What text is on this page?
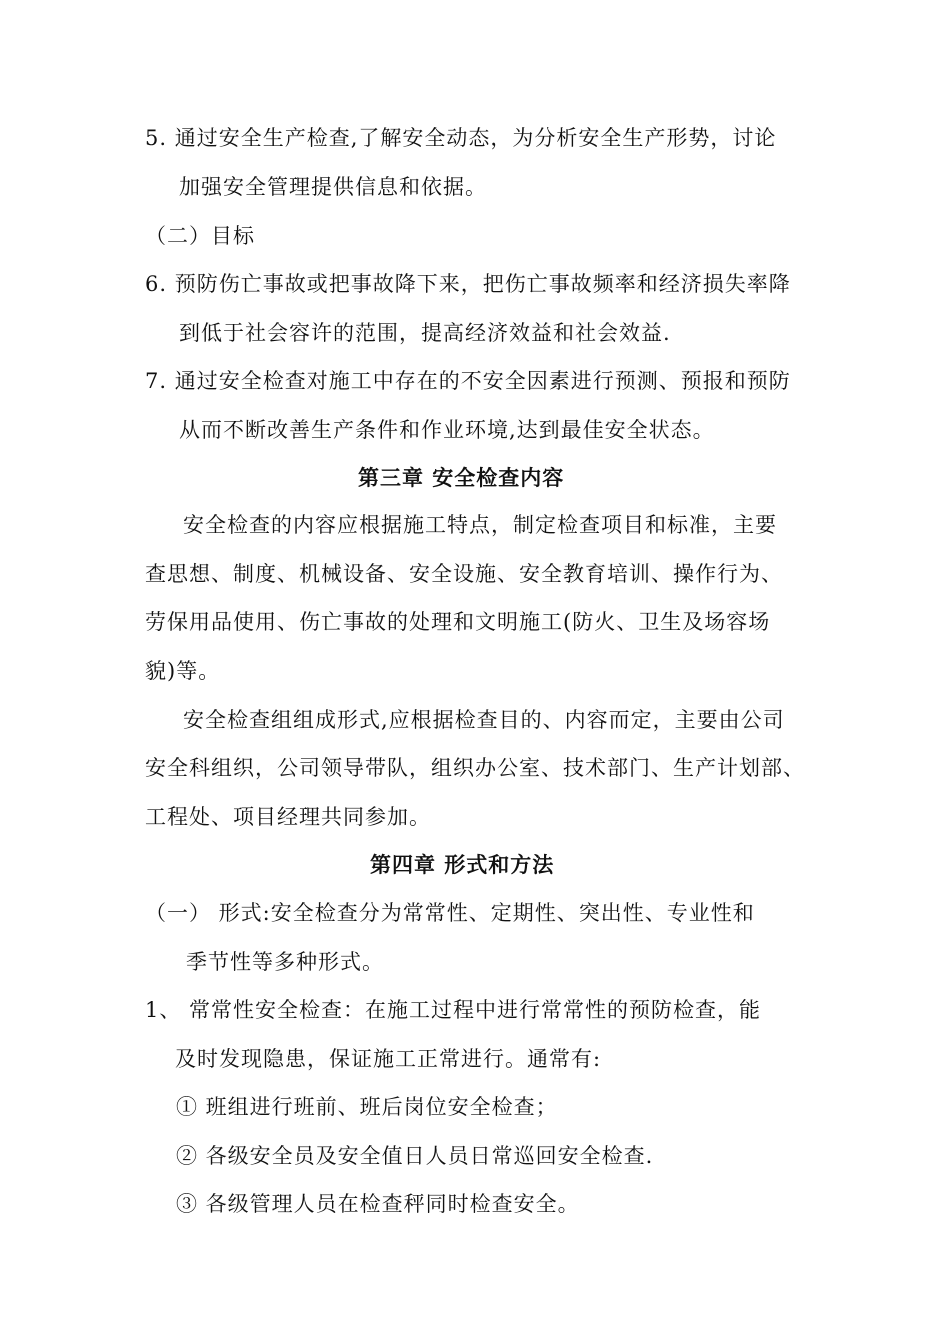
5. 通过安全生产检查,了解安全动态，为分析安全生产形势，讨论
加强安全管理提供信息和依据。
（二）目标
6. 预防伤亡事故或把事故降下来，把伤亡事故频率和经济损失率降
到低于社会容许的范围，提高经济效益和社会效益.
7. 通过安全检查对施工中存在的不安全因素进行预测、预报和预防
从而不断改善生产条件和作业环境,达到最佳安全状态。
第三章 安全检查内容
安全检查的内容应根据施工特点，制定检查项目和标准，主要
查思想、制度、机械设备、安全设施、安全教育培训、操作行为、
劳保用品使用、伤亡事故的处理和文明施工(防火、卫生及场容场
貌)等。
安全检查组组成形式,应根据检查目的、内容而定，主要由公司
安全科组织，公司领导带队，组织办公室、技术部门、生产计划部、
工程处、项目经理共同参加。
第四章 形式和方法
（一） 形式:安全检查分为常常性、定期性、突出性、专业性和
季节性等多种形式。
1、 常常性安全检查：在施工过程中进行常常性的预防检查，能
及时发现隐患，保证施工正常进行。通常有:
① 班组进行班前、班后岗位安全检查；
② 各级安全员及安全值日人员日常巡回安全检查.
③ 各级管理人员在检查秤同时检查安全。
